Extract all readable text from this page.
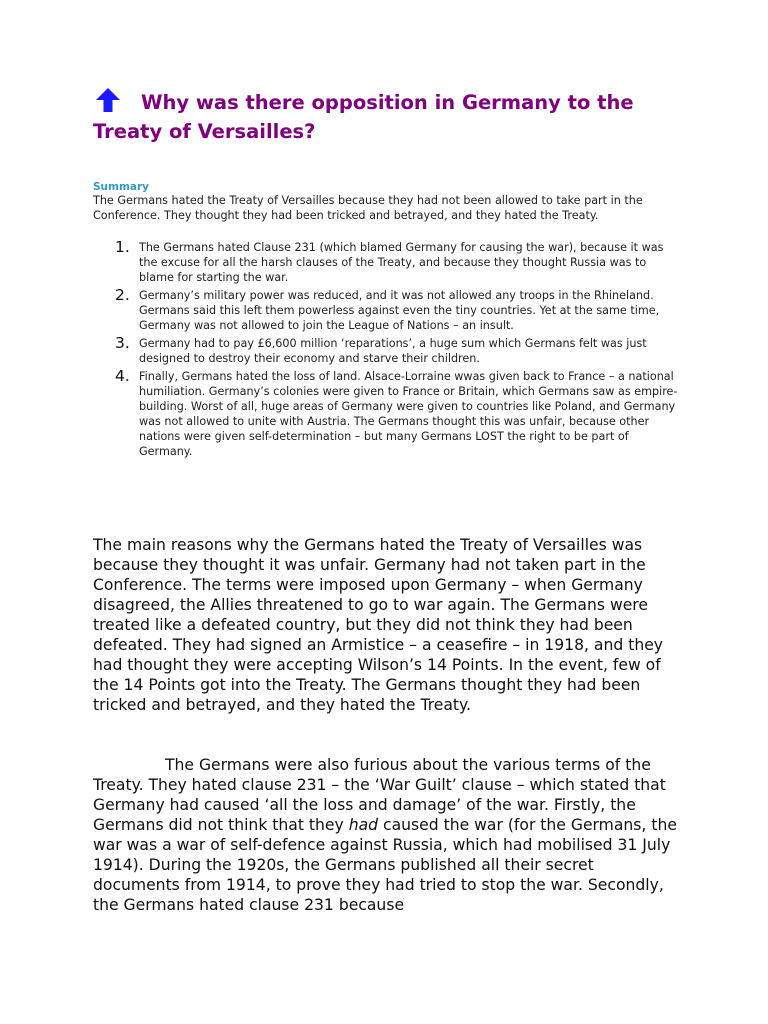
Why was there opposition in Germany to the
Treaty of Versailles?

Summary

The Germans hated the Treaty of Versailles because they had not been allowed to take part in the Conference. They thought they had been tricked and betrayed, and they hated the Treaty.

1. The Germans hated Clause 231 (which blamed Germany for causing the war), because it was the excuse for all the harsh clauses of the Treaty, and because they thought Russia was to blame for starting the war.
2. Germany’s military power was reduced, and it was not allowed any troops in the Rhineland. Germans said this left them powerless against even the tiny countries. Yet at the same time, Germany was not allowed to join the League of Nations – an insult.
3. Germany had to pay £6,600 million ‘reparations’, a huge sum which Germans felt was just designed to destroy their economy and starve their children.
4. Finally, Germans hated the loss of land. Alsace-Lorraine wwas given back to France – a national humiliation. Germany’s colonies were given to France or Britain, which Germans saw as empire-building. Worst of all, huge areas of Germany were given to countries like Poland, and Germany was not allowed to unite with Austria. The Germans thought this was unfair, because other nations were given self-determination – but many Germans LOST the right to be part of Germany.

The main reasons why the Germans hated the Treaty of Versailles was because they thought it was unfair. Germany had not taken part in the Conference. The terms were imposed upon Germany – when Germany disagreed, the Allies threatened to go to war again. The Germans were treated like a defeated country, but they did not think they had been defeated. They had signed an Armistice – a ceasefire – in 1918, and they had thought they were accepting Wilson’s 14 Points. In the event, few of the 14 Points got into the Treaty. The Germans thought they had been tricked and betrayed, and they hated the Treaty.

The Germans were also furious about the various terms of the Treaty. They hated clause 231 – the ‘War Guilt’ clause – which stated that Germany had caused ‘all the loss and damage’ of the war. Firstly, the Germans did not think that they had caused the war (for the Germans, the war was a war of self-defence against Russia, which had mobilised 31 July 1914). During the 1920s, the Germans published all their secret documents from 1914, to prove they had tried to stop the war. Secondly, the Germans hated clause 231 because
